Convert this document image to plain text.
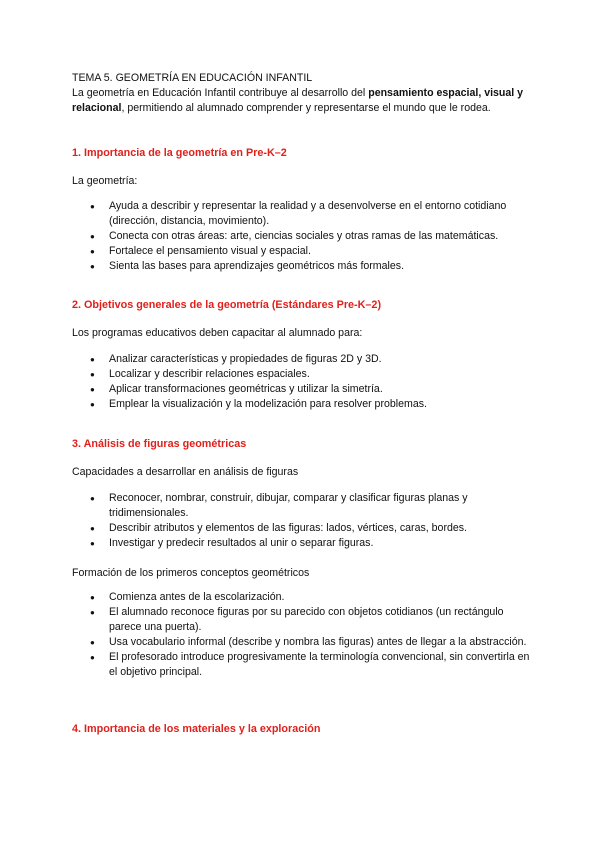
TEMA 5. GEOMETRÍA EN EDUCACIÓN INFANTIL
La geometría en Educación Infantil contribuye al desarrollo del pensamiento espacial, visual y relacional, permitiendo al alumnado comprender y representarse el mundo que le rodea.
1. Importancia de la geometría en Pre-K–2
La geometría:
● Ayuda a describir y representar la realidad y a desenvolverse en el entorno cotidiano (dirección, distancia, movimiento).
● Conecta con otras áreas: arte, ciencias sociales y otras ramas de las matemáticas.
● Fortalece el pensamiento visual y espacial.
● Sienta las bases para aprendizajes geométricos más formales.
2. Objetivos generales de la geometría (Estándares Pre-K–2)
Los programas educativos deben capacitar al alumnado para:
● Analizar características y propiedades de figuras 2D y 3D.
● Localizar y describir relaciones espaciales.
● Aplicar transformaciones geométricas y utilizar la simetría.
● Emplear la visualización y la modelización para resolver problemas.
3. Análisis de figuras geométricas
Capacidades a desarrollar en análisis de figuras
● Reconocer, nombrar, construir, dibujar, comparar y clasificar figuras planas y tridimensionales.
● Describir atributos y elementos de las figuras: lados, vértices, caras, bordes.
● Investigar y predecir resultados al unir o separar figuras.
Formación de los primeros conceptos geométricos
● Comienza antes de la escolarización.
● El alumnado reconoce figuras por su parecido con objetos cotidianos (un rectángulo parece una puerta).
● Usa vocabulario informal (describe y nombra las figuras) antes de llegar a la abstracción.
● El profesorado introduce progresivamente la terminología convencional, sin convertirla en el objetivo principal.
4. Importancia de los materiales y la exploración
